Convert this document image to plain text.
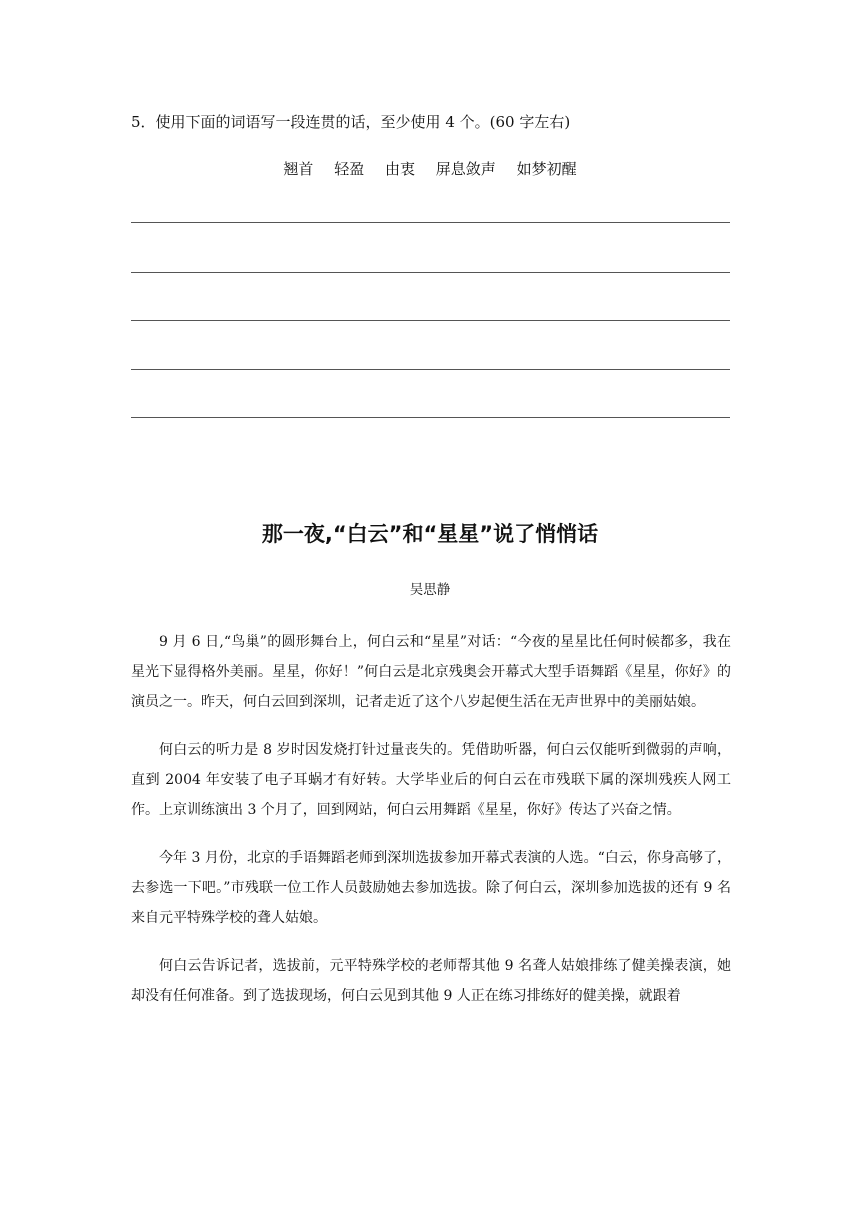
5．使用下面的词语写一段连贯的话，至少使用 4 个。(60 字左右)
翘首 轻盈 由衷 屏息敛声 如梦初醒
那一夜,“白云”和“星星”说了悄悄话
吴思静

9 月 6 日,“鸟巢”的圆形舞台上，何白云和“星星”对话：“今夜的星星比任何时候都多，我在星光下显得格外美丽。星星，你好！”何白云是北京残奥会开幕式大型手语舞蹈《星星，你好》的演员之一。昨天，何白云回到深圳，记者走近了这个八岁起便生活在无声世界中的美丽姑娘。

何白云的听力是 8 岁时因发烧打针过量丧失的。凭借助听器，何白云仅能听到微弱的声响，直到 2004 年安装了电子耳蜗才有好转。大学毕业后的何白云在市残联下属的深圳残疾人网工作。上京训练演出 3 个月了，回到网站，何白云用舞蹈《星星，你好》传达了兴奋之情。

今年 3 月份，北京的手语舞蹈老师到深圳选拔参加开幕式表演的人选。“白云，你身高够了，去参选一下吧。”市残联一位工作人员鼓励她去参加选拔。除了何白云，深圳参加选拔的还有 9 名来自元平特殊学校的聋人姑娘。

何白云告诉记者，选拔前，元平特殊学校的老师帮其他 9 名聋人姑娘排练了健美操表演，她却没有任何准备。到了选拔现场，何白云见到其他 9 人正在练习排练好的健美操，就跟着
